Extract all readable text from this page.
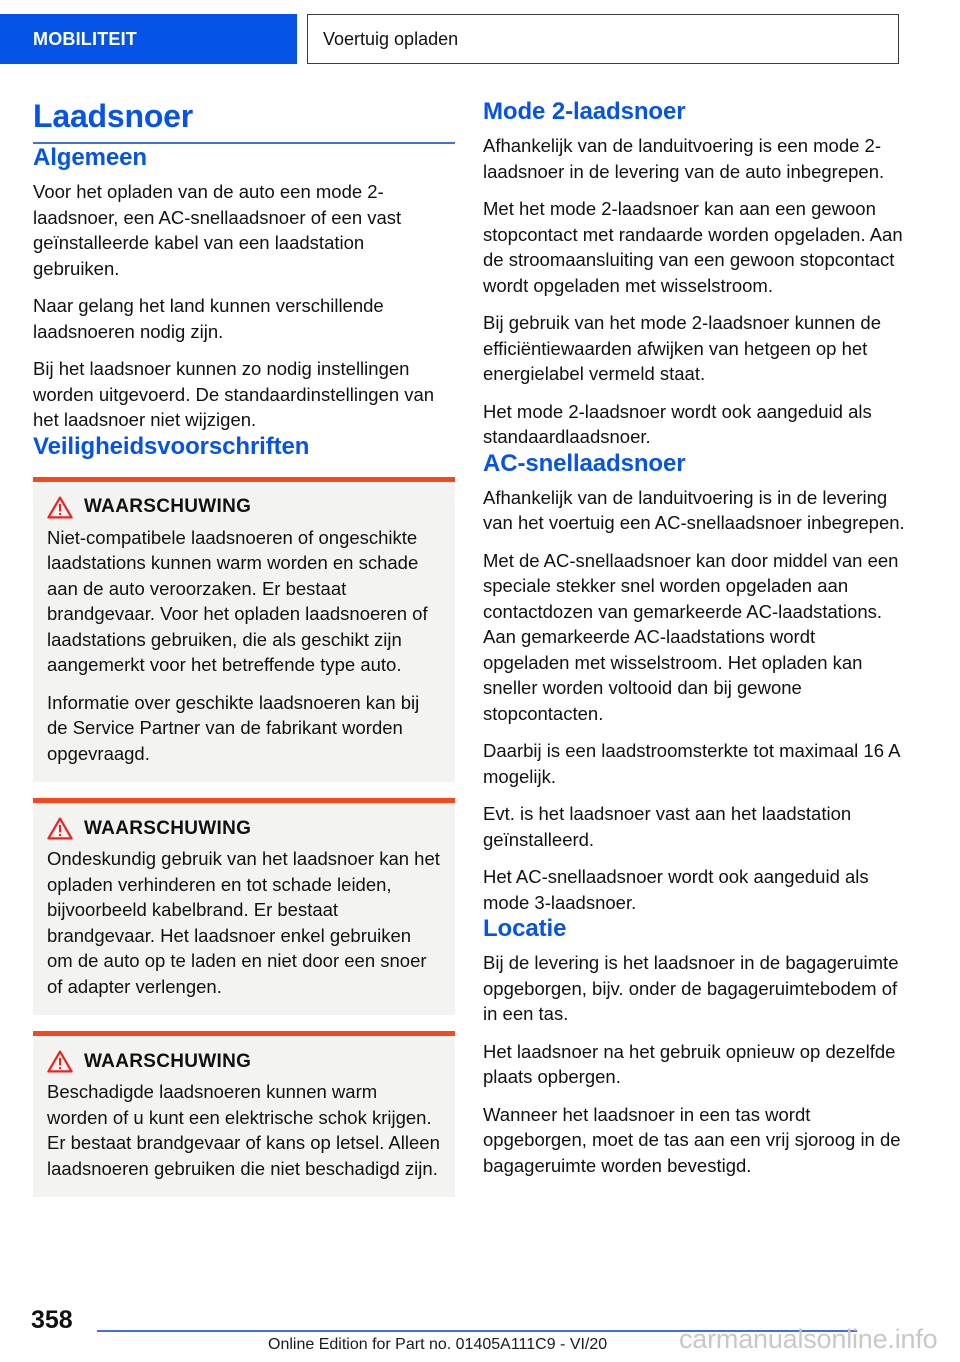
MOBILITEIT	Voertuig opladen
Laadsnoer
Algemeen

Voor het opladen van de auto een mode 2-laadsnoer, een AC-snellaadsnoer of een vast geïnstalleerde kabel van een laadstation gebruiken.

Naar gelang het land kunnen verschillende laadsnoeren nodig zijn.

Bij het laadsnoer kunnen zo nodig instellingen worden uitgevoerd. De standaardinstellingen van het laadsnoer niet wijzigen.

Veiligheidsvoorschriften
WAARSCHUWING

Niet-compatibele laadsnoeren of ongeschikte laadstations kunnen warm worden en schade aan de auto veroorzaken. Er bestaat brandgevaar. Voor het opladen laadsnoeren of laadstations gebruiken, die als geschikt zijn aangemerkt voor het betreffende type auto.

Informatie over geschikte laadsnoeren kan bij de Service Partner van de fabrikant worden opgevraagd.

WAARSCHUWING

Ondeskundig gebruik van het laadsnoer kan het opladen verhinderen en tot schade leiden, bijvoorbeeld kabelbrand. Er bestaat brandgevaar. Het laadsnoer enkel gebruiken om de auto op te laden en niet door een snoer of adapter verlengen.

WAARSCHUWING

Beschadigde laadsnoeren kunnen warm worden of u kunt een elektrische schok krijgen. Er bestaat brandgevaar of kans op letsel. Alleen laadsnoeren gebruiken die niet beschadigd zijn.

Mode 2-laadsnoer

Afhankelijk van de landuitvoering is een mode 2-laadsnoer in de levering van de auto inbegrepen.

Met het mode 2-laadsnoer kan aan een gewoon stopcontact met randaarde worden opgeladen. Aan de stroomaansluiting van een gewoon stopcontact wordt opgeladen met wisselstroom.

Bij gebruik van het mode 2-laadsnoer kunnen de efficiëntiewaarden afwijken van hetgeen op het energielabel vermeld staat.

Het mode 2-laadsnoer wordt ook aangeduid als standaardlaadsnoer.

AC-snellaadsnoer

Afhankelijk van de landuitvoering is in de levering van het voertuig een AC-snellaadsnoer inbegrepen.

Met de AC-snellaadsnoer kan door middel van een speciale stekker snel worden opgeladen aan contactdozen van gemarkeerde AC-laadstations. Aan gemarkeerde AC-laadstations wordt opgeladen met wisselstroom. Het opladen kan sneller worden voltooid dan bij gewone stopcontacten.

Daarbij is een laadstroomsterkte tot maximaal 16 A mogelijk.

Evt. is het laadsnoer vast aan het laadstation geïnstalleerd.

Het AC-snellaadsnoer wordt ook aangeduid als mode 3-laadsnoer.

Locatie

Bij de levering is het laadsnoer in de bagageruimte opgeborgen, bijv. onder de bagageruimtebodem of in een tas.

Het laadsnoer na het gebruik opnieuw op dezelfde plaats opbergen.

Wanneer het laadsnoer in een tas wordt opgeborgen, moet de tas aan een vrij sjoroog in de bagageruimte worden bevestigd.

358
Online Edition for Part no. 01405A111C9 - VI/20	carmanualsonline.info
